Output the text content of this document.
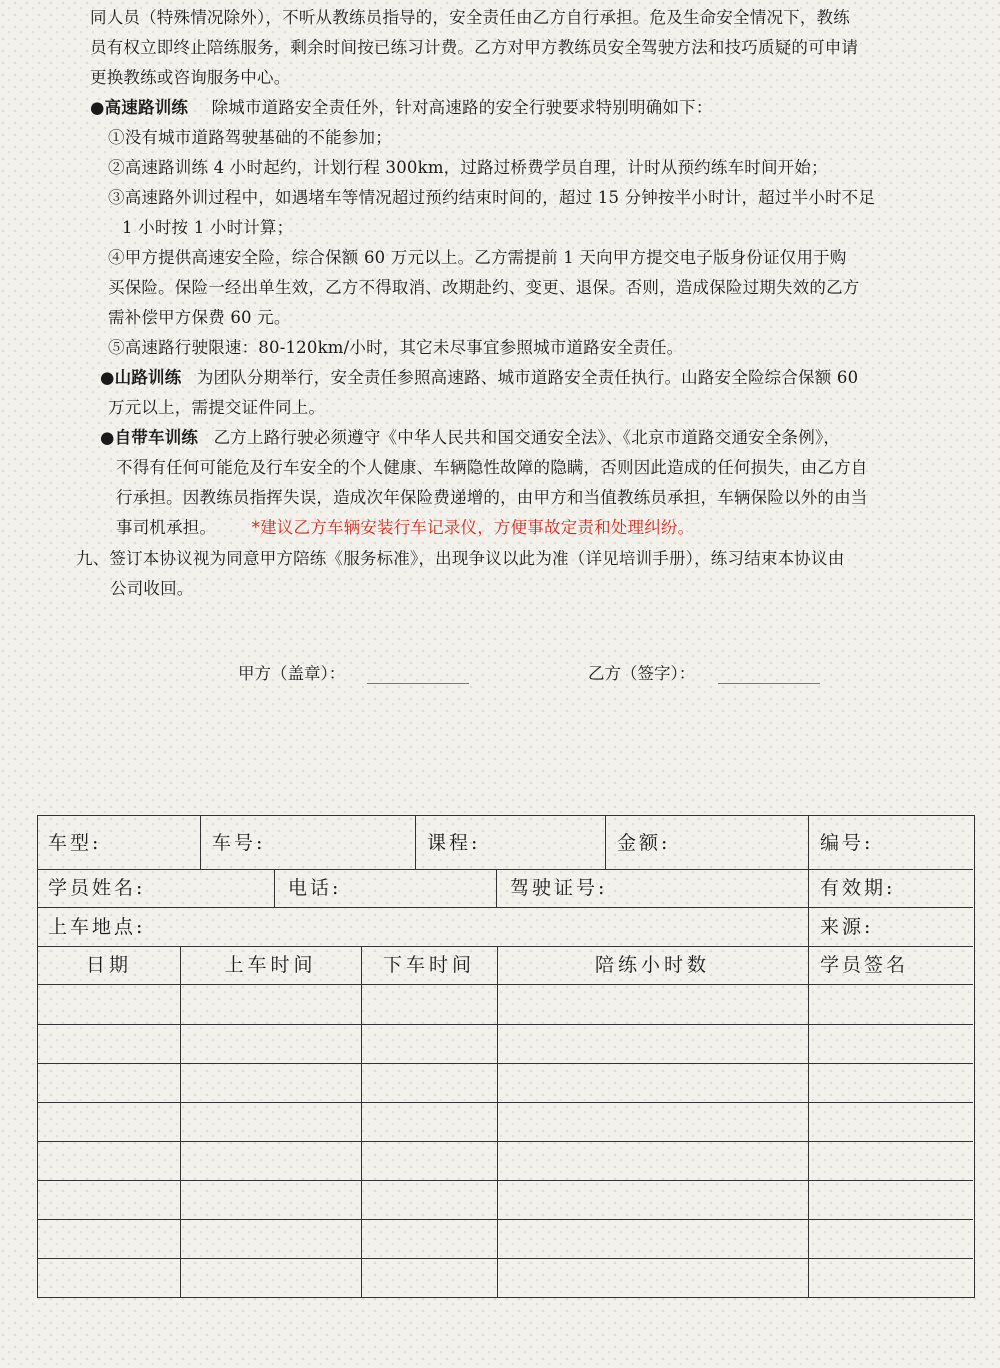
同人员（特殊情况除外），不听从教练员指导的，安全责任由乙方自行承担。危及生命安全情况下，教练
员有权立即终止陪练服务，剩余时间按已练习计费。乙方对甲方教练员安全驾驶方法和技巧质疑的可申请
更换教练或咨询服务中心。
●高速路训练 除城市道路安全责任外，针对高速路的安全行驶要求特别明确如下：
①没有城市道路驾驶基础的不能参加；
②高速路训练 4 小时起约，计划行程 300km，过路过桥费学员自理，计时从预约练车时间开始；
③高速路外训过程中，如遇堵车等情况超过预约结束时间的，超过 15 分钟按半小时计，超过半小时不足
1 小时按 1 小时计算；
④甲方提供高速安全险，综合保额 60 万元以上。乙方需提前 1 天向甲方提交电子版身份证仅用于购
买保险。保险一经出单生效，乙方不得取消、改期赴约、变更、退保。否则，造成保险过期失效的乙方
需补偿甲方保费 60 元。
⑤高速路行驶限速：80-120km/小时，其它未尽事宜参照城市道路安全责任。
●山路训练 为团队分期举行，安全责任参照高速路、城市道路安全责任执行。山路安全险综合保额 60
万元以上，需提交证件同上。
●自带车训练 乙方上路行驶必须遵守《中华人民共和国交通安全法》、《北京市道路交通安全条例》，
不得有任何可能危及行车安全的个人健康、车辆隐性故障的隐瞒，否则因此造成的任何损失，由乙方自
行承担。因教练员指挥失误，造成次年保险费递增的，由甲方和当值教练员承担，车辆保险以外的由当
事司机承担。 *建议乙方车辆安装行车记录仪，方便事故定责和处理纠纷。
九、签订本协议视为同意甲方陪练《服务标准》，出现争议以此为准（详见培训手册），练习结束本协议由
公司收回。
甲方（盖章）：	乙方（签字）：
车型:	车号:	课程:	金额:	编号:
学员姓名:	电话:	驾驶证号:	有效期:
上车地点:	来源:
日期	上车时间	下车时间	陪练小时数	学员签名
